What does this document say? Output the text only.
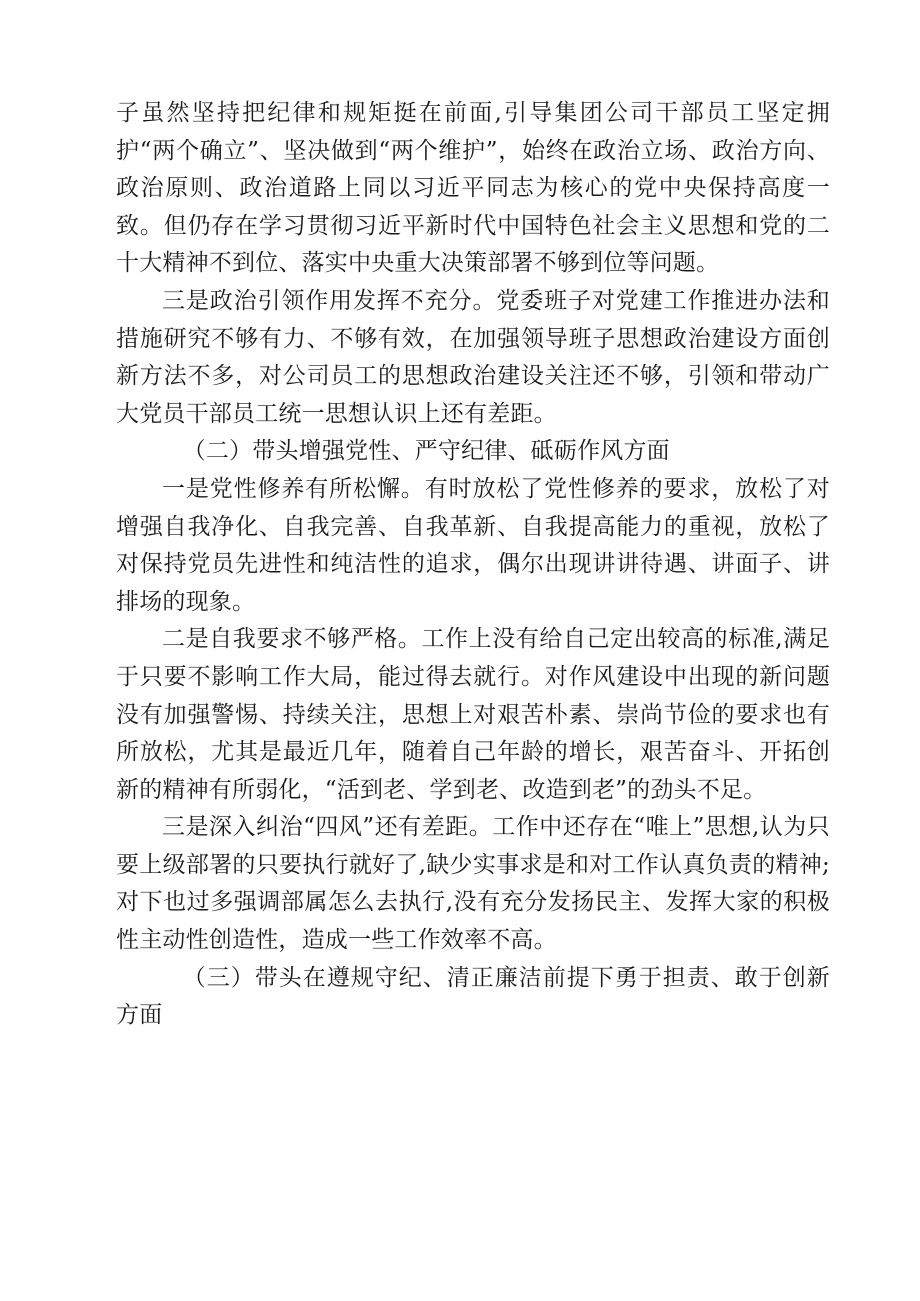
子虽然坚持把纪律和规矩挺在前面,引导集团公司干部员工坚定拥护“两个确立”、坚决做到“两个维护”，始终在政治立场、政治方向、政治原则、政治道路上同以习近平同志为核心的党中央保持高度一致。但仍存在学习贯彻习近平新时代中国特色社会主义思想和党的二十大精神不到位、落实中央重大决策部署不够到位等问题。

三是政治引领作用发挥不充分。党委班子对党建工作推进办法和措施研究不够有力、不够有效，在加强领导班子思想政治建设方面创新方法不多，对公司员工的思想政治建设关注还不够，引领和带动广大党员干部员工统一思想认识上还有差距。

（二）带头增强党性、严守纪律、砥砺作风方面

一是党性修养有所松懈。有时放松了党性修养的要求，放松了对增强自我净化、自我完善、自我革新、自我提高能力的重视，放松了对保持党员先进性和纯洁性的追求，偶尔出现讲讲待遇、讲面子、讲排场的现象。

二是自我要求不够严格。工作上没有给自己定出较高的标准,满足于只要不影响工作大局，能过得去就行。对作风建设中出现的新问题没有加强警惕、持续关注，思想上对艰苦朴素、崇尚节俭的要求也有所放松，尤其是最近几年，随着自己年龄的增长，艰苦奋斗、开拓创新的精神有所弱化，“活到老、学到老、改造到老”的劲头不足。

三是深入纠治“四风”还有差距。工作中还存在“唯上”思想,认为只要上级部署的只要执行就好了,缺少实事求是和对工作认真负责的精神;对下也过多强调部属怎么去执行,没有充分发扬民主、发挥大家的积极性主动性创造性，造成一些工作效率不高。

（三）带头在遵规守纪、清正廉洁前提下勇于担责、敢于创新方面
